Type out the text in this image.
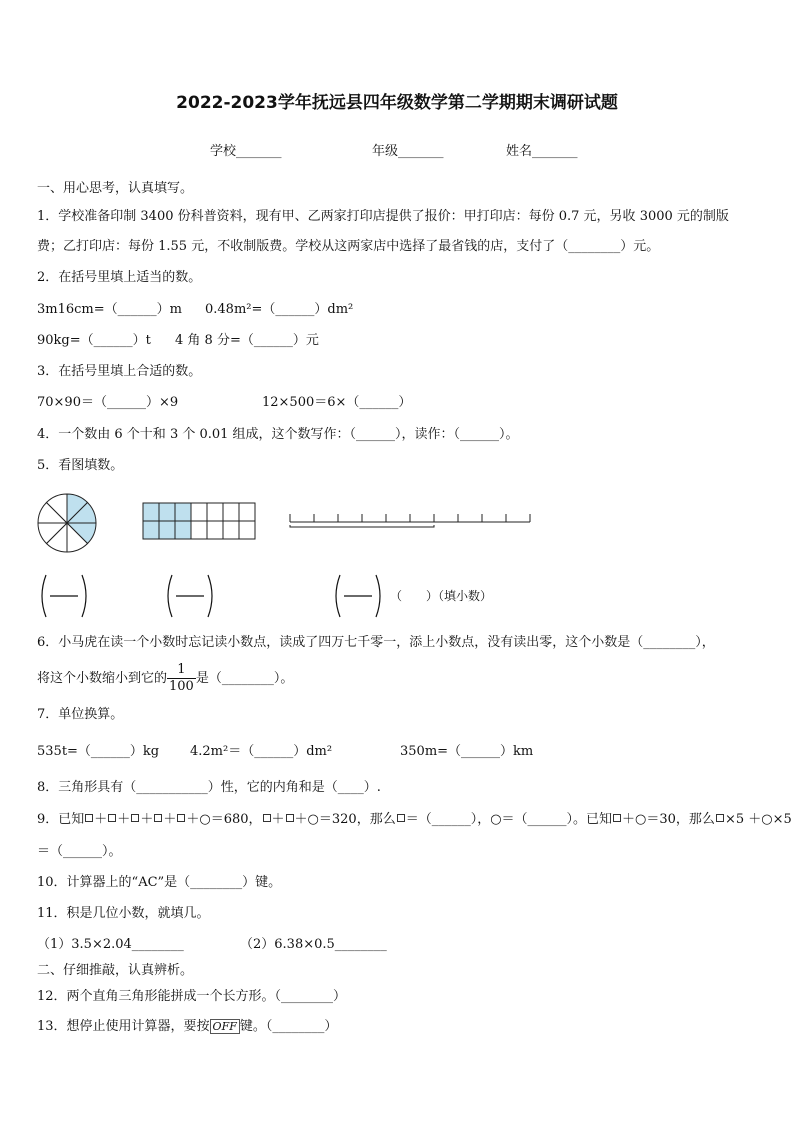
2022-2023学年抚远县四年级数学第二学期期末调研试题
学校_______	年级_______	姓名_______
一、用心思考，认真填写。
1．学校准备印制 3400 份科普资料，现有甲、乙两家打印店提供了报价：甲打印店：每份 0.7 元，另收 3000 元的制版
费；乙打印店：每份 1.55 元，不收制版费。学校从这两家店中选择了最省钱的店，支付了（________）元。
2．在括号里填上适当的数。
3m16cm=（______）m 0.48m²=（______）dm²
90kg=（______）t 4 角 8 分=（______）元
3．在括号里填上合适的数。
70×90＝（______）×9	12×500＝6×（______）
4．一个数由 6 个十和 3 个 0.01 组成，这个数写作：（______），读作：（______）。
5．看图填数。
（　　）（填小数）
6．小马虎在读一个小数时忘记读小数点，读成了四万七千零一，添上小数点，没有读出零，这个小数是（________），
将这个小数缩小到它的 $\frac{1}{100}$ 是（________）。
7．单位换算。
535t=（______）kg 4.2m²＝（______）dm²	350m=（______）km
8．三角形具有（___________）性，它的内角和是（____）.
9．已知 ＋ ＋ ＋ ＋ ＋○＝680， ＋ ＋○＝320，那么 ＝（______），○＝（______）。已知 ＋○＝30，那么 ×5 ＋○×5
＝（______）。
10．计算器上的“AC”是（________）键。
11．积是几位小数，就填几。
（1）3.5×2.04________	（2）6.38×0.5________
二、仔细推敲，认真辨析。
12．两个直角三角形能拼成一个长方形。（________）
13．想停止使用计算器，要按 OFF 键。（________）
